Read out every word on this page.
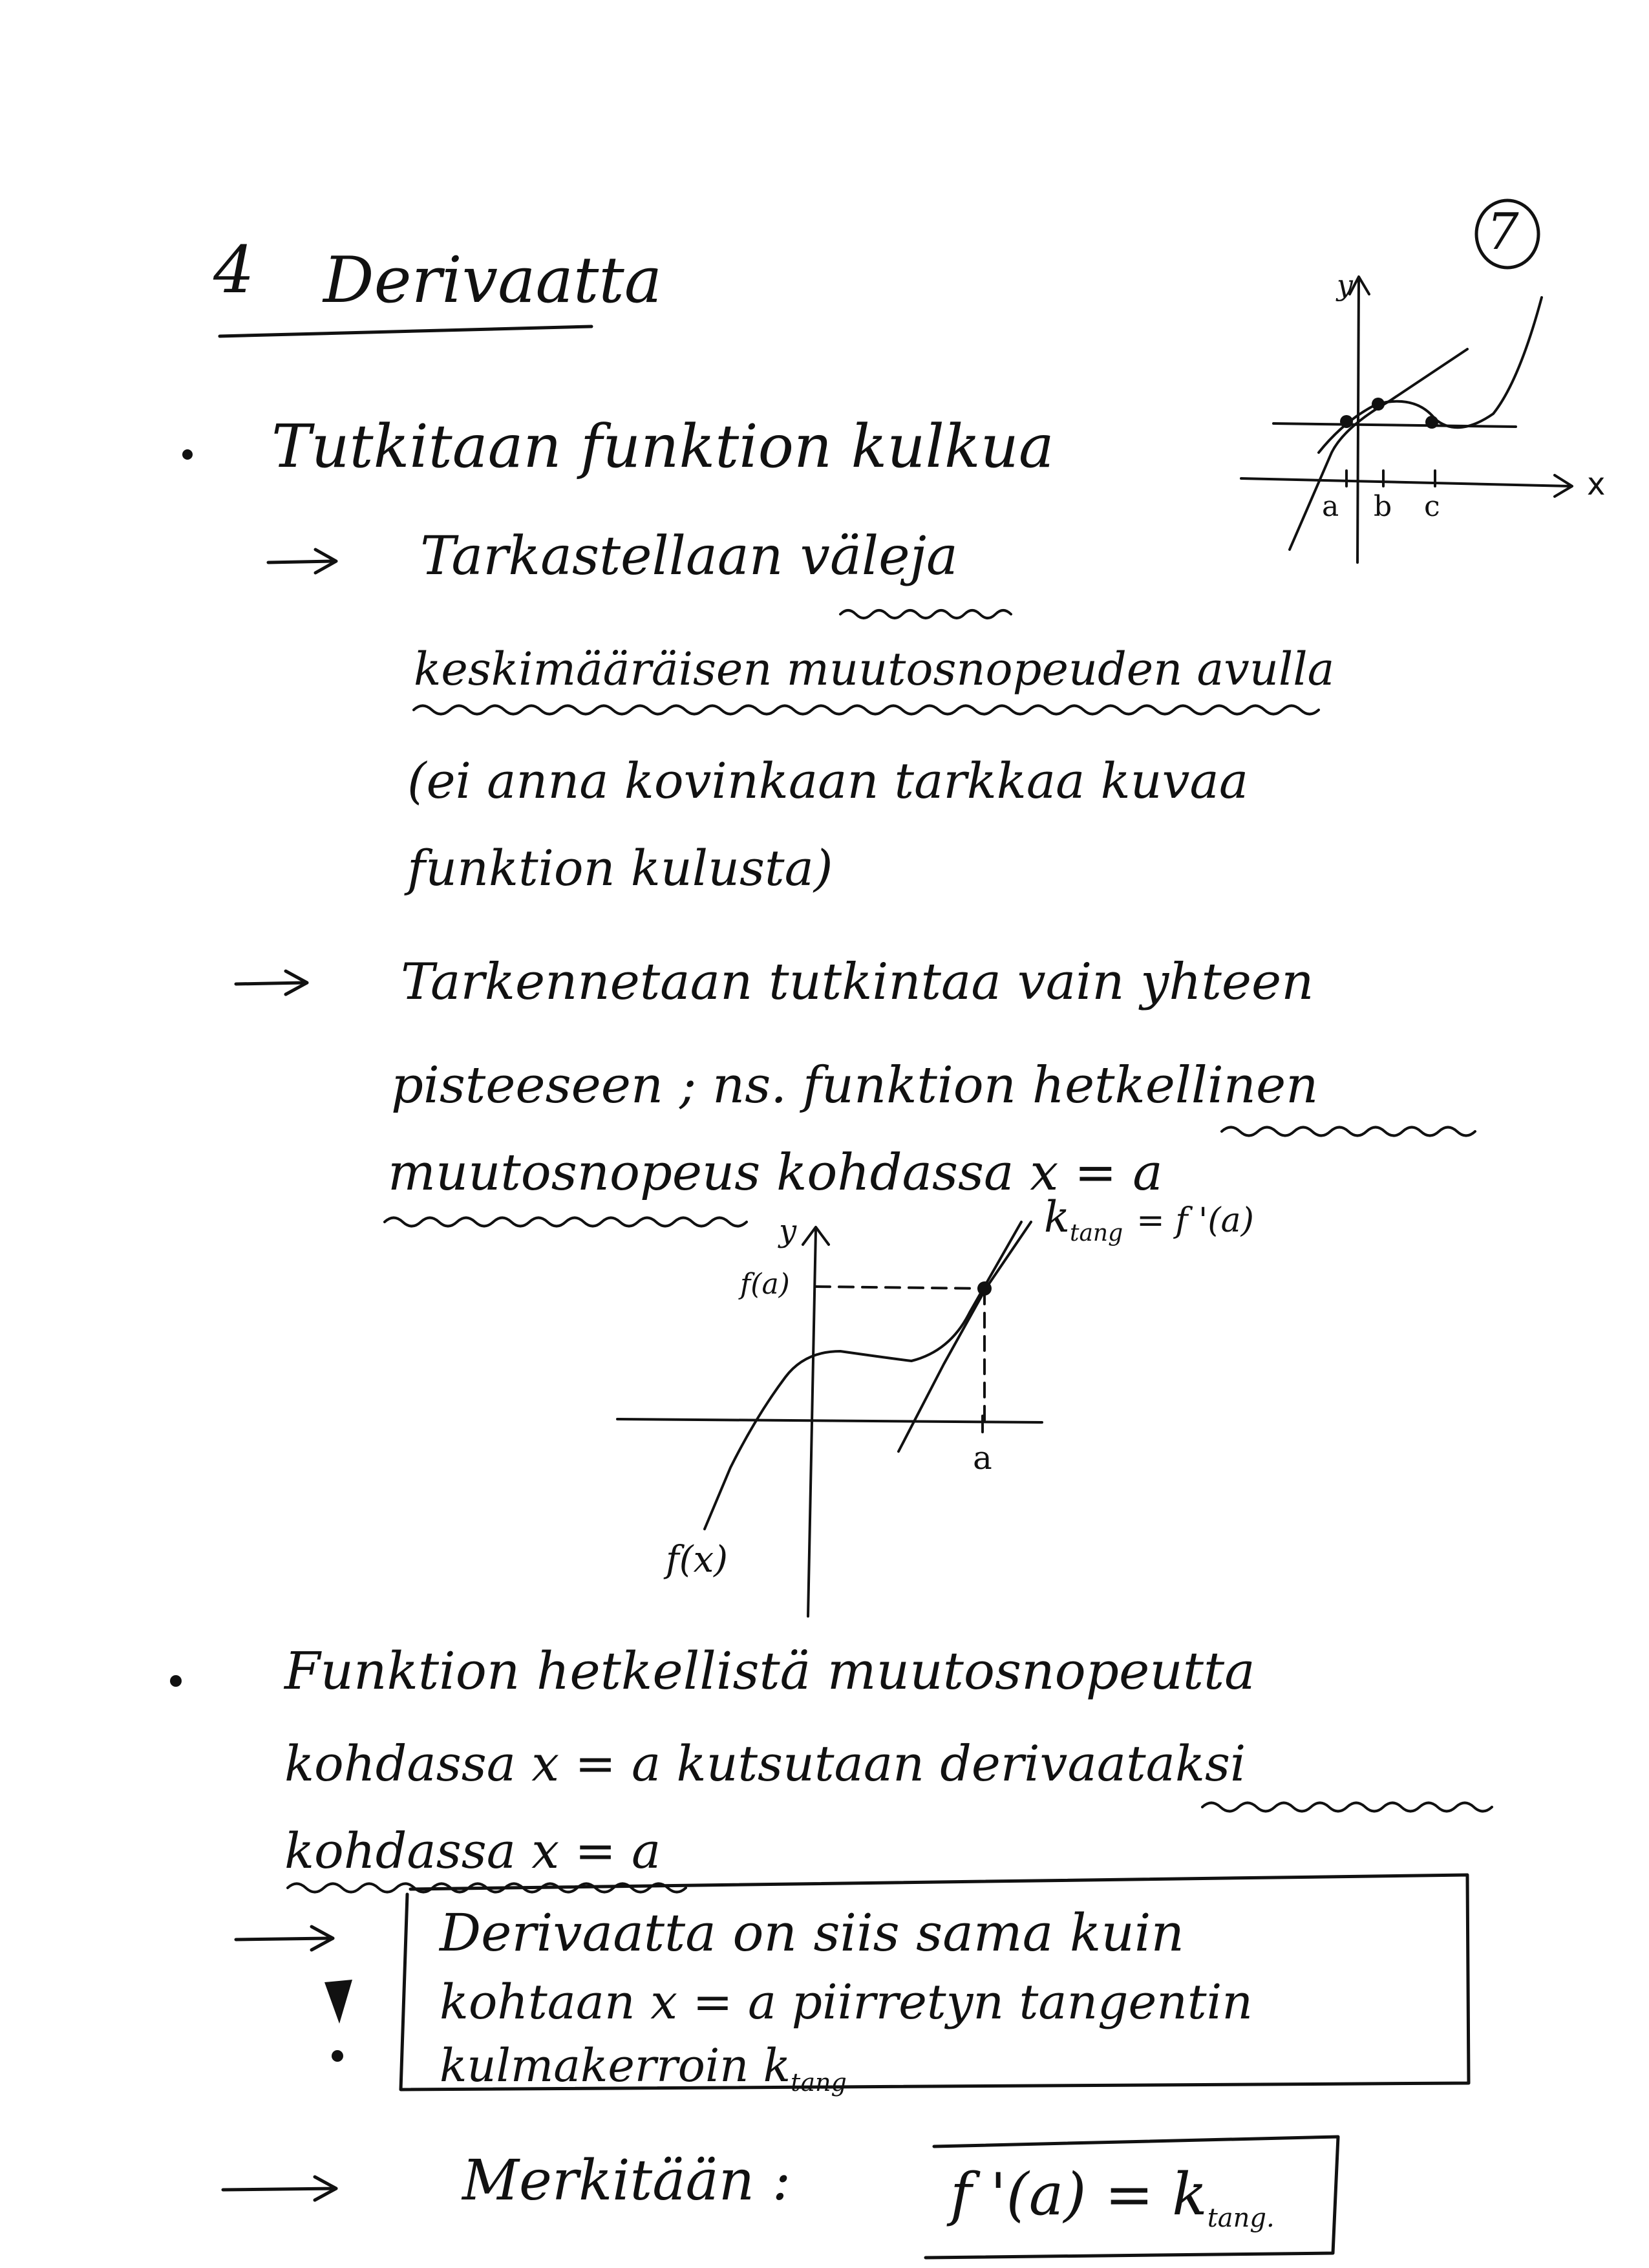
7
4 Derivaatta
Tutkitaan funktion kulkua
Tarkastellaan väleja
keskimääräisen muutosnopeuden avulla
(ei anna kovinkaan tarkkaa kuvaa
funktion kulusta)
Tarkennetaan tutkintaa vain yhteen
pisteeseen ; ns. funktion hetkellinen
muutosnopeus kohdassa x = a
y
x
a b c
y
f(a)
a
f(x)
$k_{tang} = f$ '(a)
Funktion hetkellistä muutosnopeutta
kohdassa x = a kutsutaan derivaataksi
kohdassa x = a
Derivaatta on siis sama kuin
kohtaan x = a piirretyn tangentin
kulmakerroin $k_{tang}$
Merkitään :	f '$(a) = k_{tang.}$
